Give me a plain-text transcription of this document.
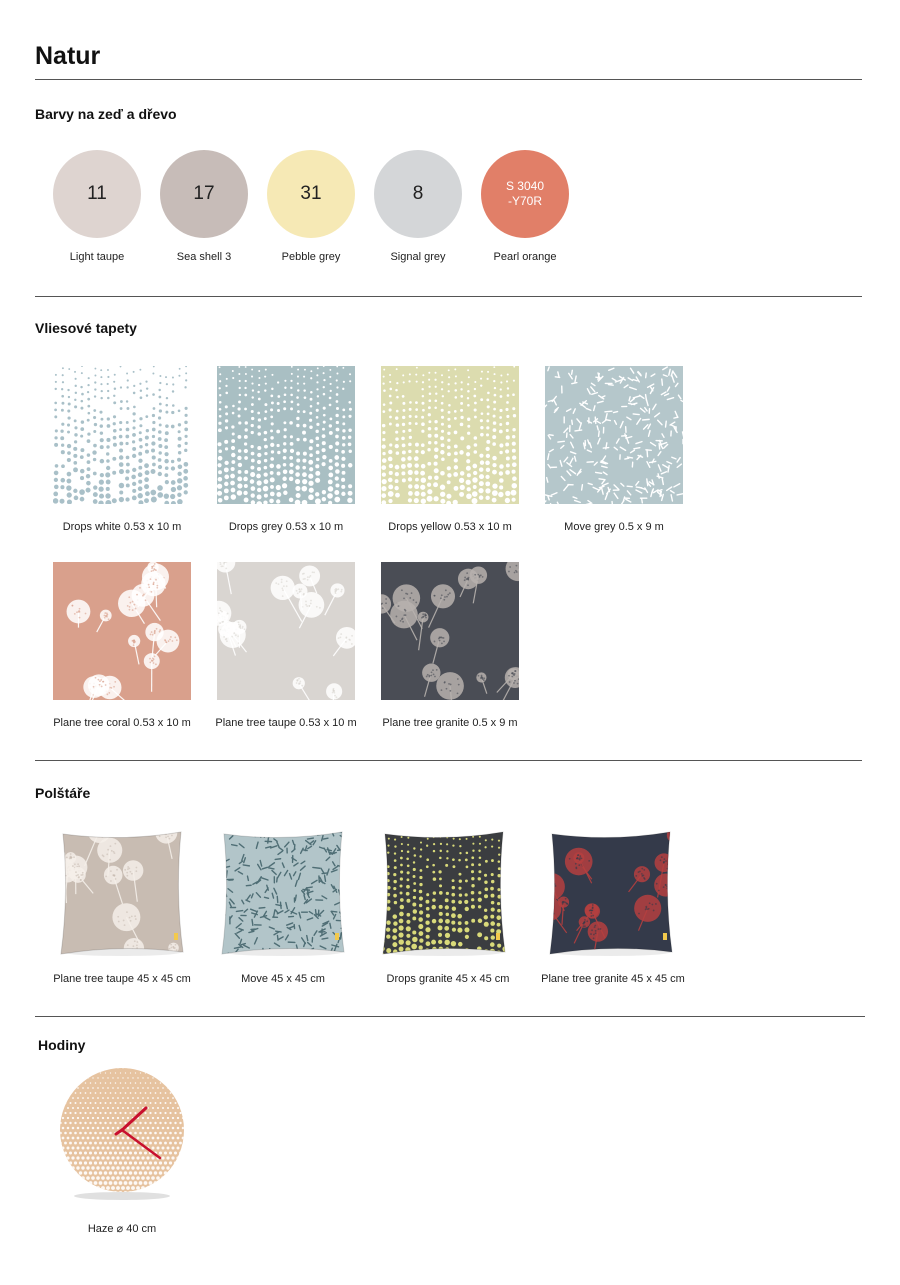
Natur
Barvy na zeď a dřevo
11
Light taupe
17
Sea shell 3
31
Pebble grey
8
Signal grey
S 3040
-Y70R
Pearl orange
Vliesové tapety
Drops white 0.53 x 10 m	Drops grey 0.53 x 10 m	Drops yellow 0.53 x 10 m	Move grey 0.5 x 9 m
Plane tree coral 0.53 x 10 m	Plane tree taupe 0.53 x 10 m	Plane tree granite 0.5 x 9 m
Polštáře
Plane tree taupe 45 x 45 cm	Move 45 x 45 cm	Drops granite 45 x 45 cm	Plane tree granite 45 x 45 cm
Hodiny
Haze ⌀ 40 cm
